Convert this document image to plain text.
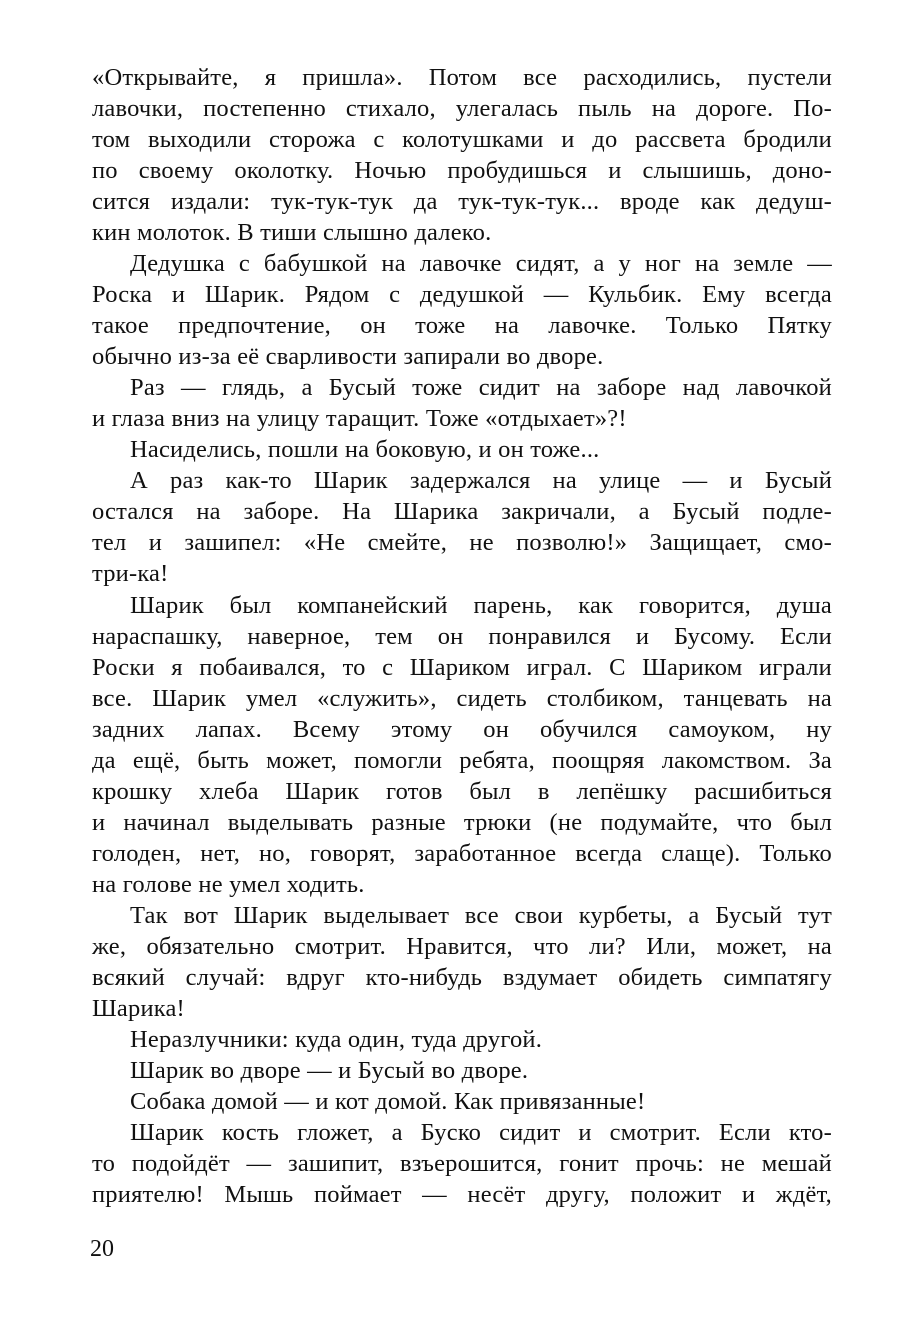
«Открывайте, я пришла». Потом все расходились, пустели
лавочки, постепенно стихало, улегалась пыль на дороге. По-
том выходили сторожа с колотушками и до рассвета бродили
по своему околотку. Ночью пробудишься и слышишь, доно-
сится издали: тук-тук-тук да тук-тук-тук... вроде как дедуш-
кин молоток. В тиши слышно далеко.
Дедушка с бабушкой на лавочке сидят, а у ног на земле —
Роска и Шарик. Рядом с дедушкой — Кульбик. Ему всегда
такое предпочтение, он тоже на лавочке. Только Пятку
обычно из-за её сварливости запирали во дворе.
Раз — глядь, а Бусый тоже сидит на заборе над лавочкой
и глаза вниз на улицу таращит. Тоже «отдыхает»?!
Насиделись, пошли на боковую, и он тоже...
А раз как-то Шарик задержался на улице — и Бусый
остался на заборе. На Шарика закричали, а Бусый подле-
тел и зашипел: «Не смейте, не позволю!» Защищает, смо-
три-ка!
Шарик был компанейский парень, как говорится, душа
нараспашку, наверное, тем он понравился и Бусому. Если
Роски я побаивался, то с Шариком играл. С Шариком играли
все. Шарик умел «служить», сидеть столбиком, танцевать на
задних лапах. Всему этому он обучился самоуком, ну
да ещё, быть может, помогли ребята, поощряя лакомством. За
крошку хлеба Шарик готов был в лепёшку расшибиться
и начинал выделывать разные трюки (не подумайте, что был
голоден, нет, но, говорят, заработанное всегда слаще). Только
на голове не умел ходить.
Так вот Шарик выделывает все свои курбеты, а Бусый тут
же, обязательно смотрит. Нравится, что ли? Или, может, на
всякий случай: вдруг кто-нибудь вздумает обидеть симпатягу
Шарика!
Неразлучники: куда один, туда другой.
Шарик во дворе — и Бусый во дворе.
Собака домой — и кот домой. Как привязанные!
Шарик кость гложет, а Буско сидит и смотрит. Если кто-
то подойдёт — зашипит, взъерошится, гонит прочь: не мешай
приятелю! Мышь поймает — несёт другу, положит и ждёт,
20
